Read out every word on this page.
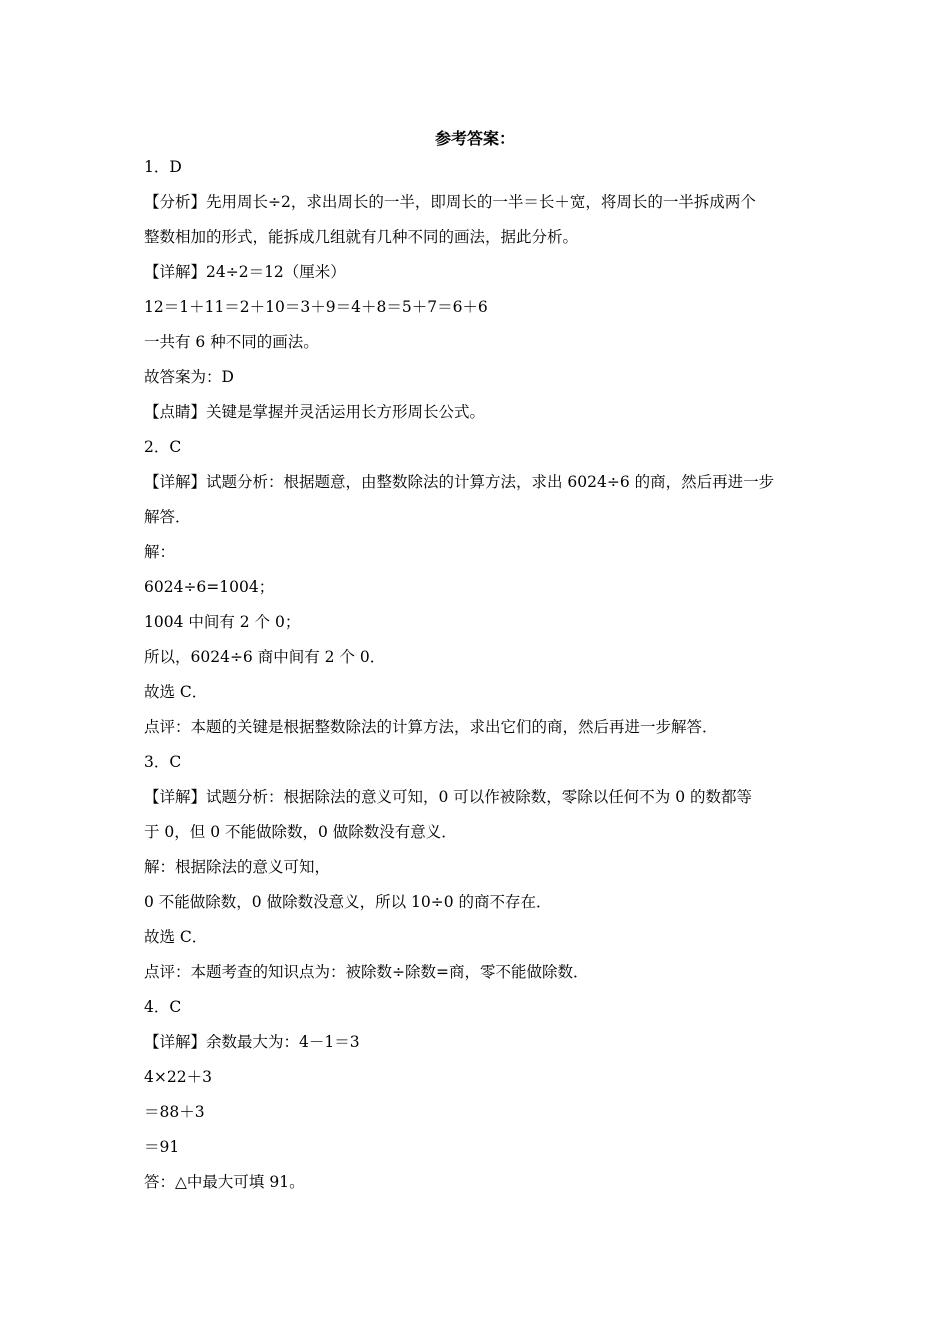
参考答案：

1．D

【分析】先用周长÷2，求出周长的一半，即周长的一半＝长＋宽，将周长的一半拆成两个

整数相加的形式，能拆成几组就有几种不同的画法，据此分析。

【详解】24÷2＝12（厘米）

12＝1＋11＝2＋10＝3＋9＝4＋8＝5＋7＝6＋6

一共有 6 种不同的画法。

故答案为：D

【点睛】关键是掌握并灵活运用长方形周长公式。

2．C

【详解】试题分析：根据题意，由整数除法的计算方法，求出 6024÷6 的商，然后再进一步

解答．

解：

6024÷6=1004；

1004 中间有 2 个 0；

所以，6024÷6 商中间有 2 个 0．

故选 C．

点评：本题的关键是根据整数除法的计算方法，求出它们的商，然后再进一步解答．

3．C

【详解】试题分析：根据除法的意义可知，0 可以作被除数，零除以任何不为 0 的数都等

于 0，但 0 不能做除数，0 做除数没有意义．

解：根据除法的意义可知，

0 不能做除数，0 做除数没意义，所以 10÷0 的商不存在．

故选 C．

点评：本题考查的知识点为：被除数÷除数=商，零不能做除数．

4．C

【详解】余数最大为：4－1＝3

4×22＋3

＝88＋3

＝91

答：△中最大可填 91。
